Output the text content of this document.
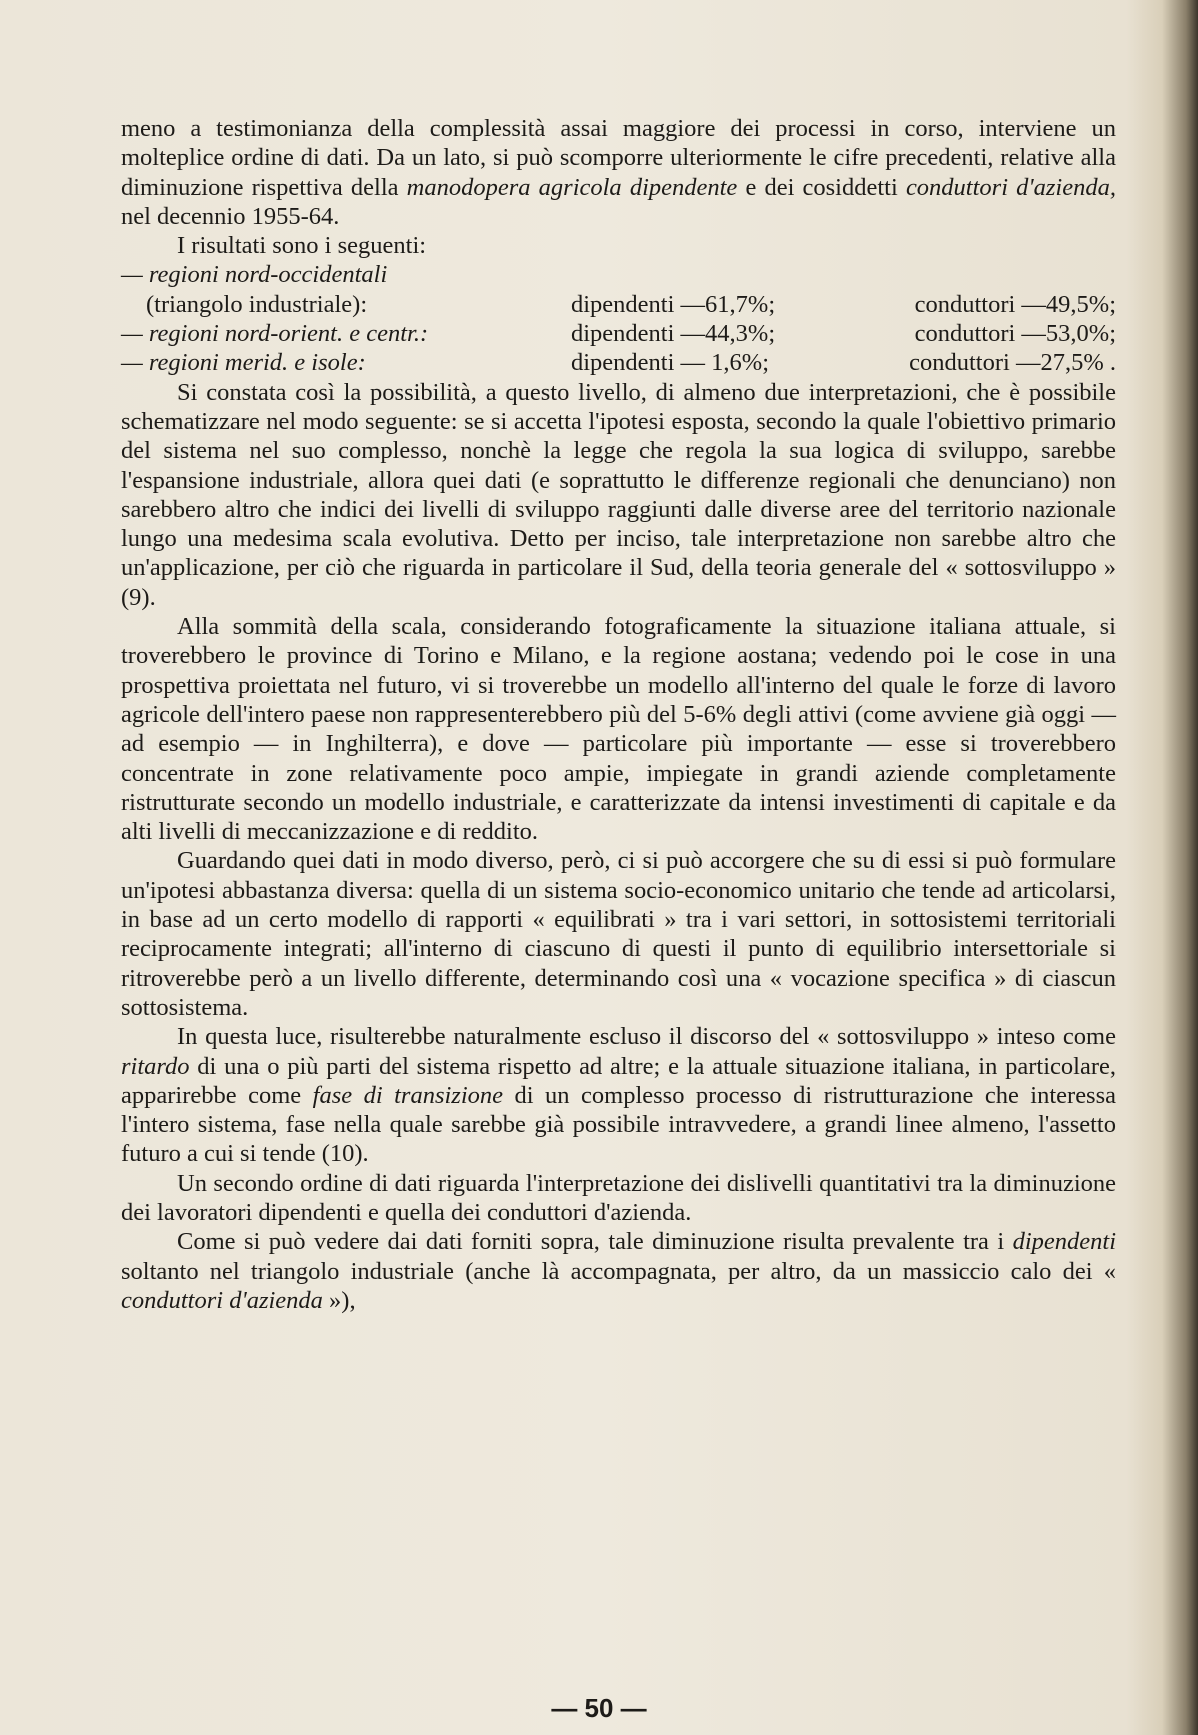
meno a testimonianza della complessità assai maggiore dei processi in corso, interviene un molteplice ordine di dati. Da un lato, si può scomporre ulteriormente le cifre precedenti, relative alla diminuzione rispettiva della manodopera agricola dipendente e dei cosiddetti conduttori d'azienda, nel decennio 1955-64.

I risultati sono i seguenti:

— regioni nord-occidentali
(triangolo industriale):	dipendenti —61,7%;	conduttori —49,5%;
— regioni nord-orient. e centr.:	dipendenti —44,3%;	conduttori —53,0%;
— regioni merid. e isole:	dipendenti — 1,6%;	conduttori —27,5% .

Si constata così la possibilità, a questo livello, di almeno due interpretazioni, che è possibile schematizzare nel modo seguente: se si accetta l'ipotesi esposta, secondo la quale l'obiettivo primario del sistema nel suo complesso, nonchè la legge che regola la sua logica di sviluppo, sarebbe l'espansione industriale, allora quei dati (e soprattutto le differenze regionali che denunciano) non sarebbero altro che indici dei livelli di sviluppo raggiunti dalle diverse aree del territorio nazionale lungo una medesima scala evolutiva. Detto per inciso, tale interpretazione non sarebbe altro che un'applicazione, per ciò che riguarda in particolare il Sud, della teoria generale del « sottosviluppo » (9).

Alla sommità della scala, considerando fotograficamente la situazione italiana attuale, si troverebbero le province di Torino e Milano, e la regione aostana; vedendo poi le cose in una prospettiva proiettata nel futuro, vi si troverebbe un modello all'interno del quale le forze di lavoro agricole dell'intero paese non rappresenterebbero più del 5-6% degli attivi (come avviene già oggi — ad esempio — in Inghilterra), e dove — particolare più importante — esse si troverebbero concentrate in zone relativamente poco ampie, impiegate in grandi aziende completamente ristrutturate secondo un modello industriale, e caratterizzate da intensi investimenti di capitale e da alti livelli di meccanizzazione e di reddito.

Guardando quei dati in modo diverso, però, ci si può accorgere che su di essi si può formulare un'ipotesi abbastanza diversa: quella di un sistema socio-economico unitario che tende ad articolarsi, in base ad un certo modello di rapporti « equilibrati » tra i vari settori, in sottosistemi territoriali reciprocamente integrati; all'interno di ciascuno di questi il punto di equilibrio intersettoriale si ritroverebbe però a un livello differente, determinando così una « vocazione specifica » di ciascun sottosistema.

In questa luce, risulterebbe naturalmente escluso il discorso del « sottosviluppo » inteso come ritardo di una o più parti del sistema rispetto ad altre; e la attuale situazione italiana, in particolare, apparirebbe come fase di transizione di un complesso processo di ristrutturazione che interessa l'intero sistema, fase nella quale sarebbe già possibile intravvedere, a grandi linee almeno, l'assetto futuro a cui si tende (10).

Un secondo ordine di dati riguarda l'interpretazione dei dislivelli quantitativi tra la diminuzione dei lavoratori dipendenti e quella dei conduttori d'azienda.

Come si può vedere dai dati forniti sopra, tale diminuzione risulta prevalente tra i dipendenti soltanto nel triangolo industriale (anche là accompagnata, per altro, da un massiccio calo dei « conduttori d'azienda »),

— 50 —
